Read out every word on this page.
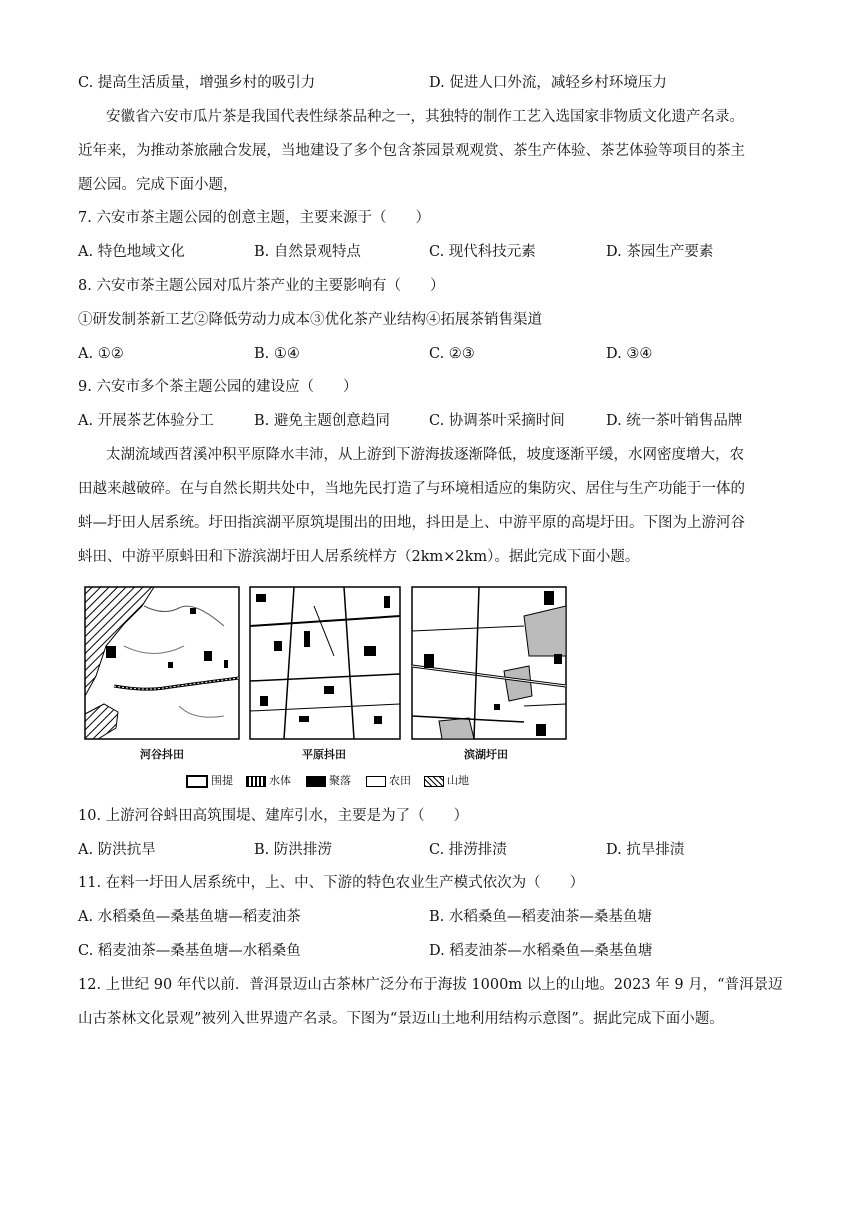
C. 提高生活质量，增强乡村的吸引力	D. 促进人口外流，减轻乡村环境压力
安徽省六安市瓜片茶是我国代表性绿茶品种之一，其独特的制作工艺入选国家非物质文化遗产名录。
近年来，为推动茶旅融合发展，当地建设了多个包含茶园景观观赏、茶生产体验、茶艺体验等项目的茶主
题公园。完成下面小题，
7. 六安市茶主题公园的创意主题，主要来源于（　　）
A. 特色地域文化	B. 自然景观特点	C. 现代科技元素	D. 茶园生产要素
8. 六安市茶主题公园对瓜片茶产业的主要影响有（　　）
①研发制茶新工艺②降低劳动力成本③优化茶产业结构④拓展茶销售渠道
A. ①②	B. ①④	C. ②③	D. ③④
9. 六安市多个茶主题公园的建设应（　　）
A. 开展茶艺体验分工	B. 避免主题创意趋同	C. 协调茶叶采摘时间	D. 统一茶叶销售品牌
太湖流域西苕溪冲积平原降水丰沛，从上游到下游海拔逐渐降低，坡度逐渐平缓，水网密度增大，农
田越来越破碎。在与自然长期共处中，当地先民打造了与环境相适应的集防灾、居住与生产功能于一体的
蚪—圩田人居系统。圩田指滨湖平原筑堤围出的田地，抖田是上、中游平原的高堤圩田。下图为上游河谷
蚪田、中游平原蚪田和下游滨湖圩田人居系统样方（2km×2km）。据此完成下面小题。
河谷抖田	平原抖田	滨湖圩田
围提	水体	聚落	农田	山地
10. 上游河谷蚪田高筑围堤、建库引水，主要是为了（　　）
A. 防洪抗旱	B. 防洪排涝	C. 排涝排渍	D. 抗旱排渍
11. 在料一圩田人居系统中，上、中、下游的特色农业生产模式依次为（　　）
A. 水稻桑鱼—桑基鱼塘—稻麦油茶	B. 水稻桑鱼—稻麦油茶—桑基鱼塘
C. 稻麦油茶—桑基鱼塘—水稻桑鱼	D. 稻麦油茶—水稻桑鱼—桑基鱼塘
12. 上世纪 90 年代以前．普洱景迈山古茶林广泛分布于海拔 1000m 以上的山地。2023 年 9 月，“普洱景迈
山古茶林文化景观”被列入世界遗产名录。下图为“景迈山土地利用结构示意图”。据此完成下面小题。
